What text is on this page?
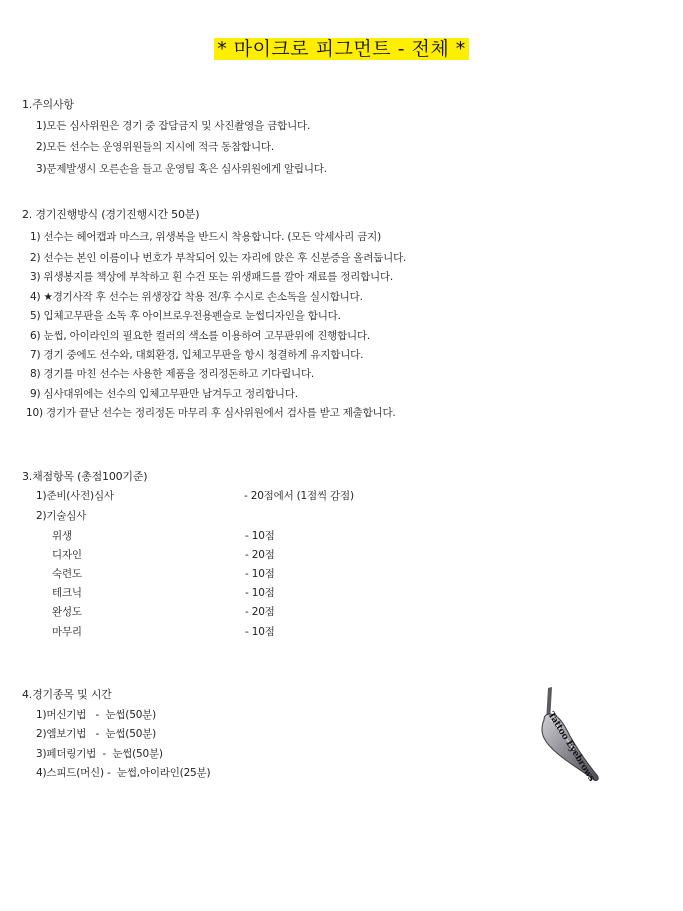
* 마이크로 피그먼트 - 전체 *
1.주의사항
1)모든 심사위원은 경기 중 잡담금지 및 사진촬영을 금합니다.
2)모든 선수는 운영위원들의 지시에 적극 동참합니다.
3)문제발생시 오른손을 들고 운영팀 혹은 심사위원에게 알립니다.
2. 경기진행방식 (경기진행시간 50분)
1) 선수는 헤어캡과 마스크, 위생복을 반드시 착용합니다. (모든 악세사리 금지)
2) 선수는 본인 이름이나 번호가 부착되어 있는 자리에 앉은 후 신분증을 올려둡니다.
3) 위생봉지를 책상에 부착하고 흰 수건 또는 위생패드를 깔아 재료를 정리합니다.
4) ★경기사작 후 선수는 위생장갑 착용 전/후 수시로 손소독을 실시합니다.
5) 입체고무판을 소독 후 아이브로우전용펜슬로 눈썹디자인을 합니다.
6) 눈썹, 아이라인의 필요한 컬러의 색소를 이용하여 고무판위에 진행합니다.
7) 경기 중에도 선수와, 대회환경, 입체고무판을 항시 청결하게 유지합니다.
8) 경기를 마친 선수는 사용한 제품을 정리정돈하고 기다립니다.
9) 심사대위에는 선수의 입체고무판만 남겨두고 정리합니다.
10) 경기가 끝난 선수는 정리정돈 마무리 후 심사위원에서 검사를 받고 제출합니다.
3.채점항목 (총점100기준)
1)준비(사전)심사	- 20점에서 (1점씩 감점)
2)기술심사
위생	- 10점
디자인	- 20점
숙련도	- 10점
테크닉	- 10점
완성도	- 20점
마무리	- 10점
4.경기종목 및 시간
1)머신기법   -  눈썹(50분)
2)엠보기법   -  눈썹(50분)
3)페더링기법  -  눈썹(50분)
4)스피드(머신) -  눈썹,아이라인(25분)	Tattoo Eyebrows
